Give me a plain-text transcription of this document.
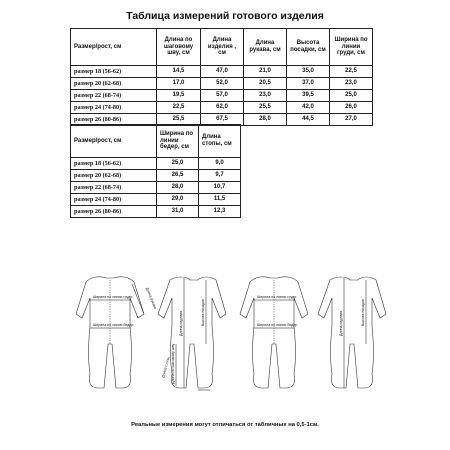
Таблица измерений готового изделия
Размер/рост, см	Длина по шаговому шву, см	Длина изделия , см	Длина рукава, см	Высота посадки, см	Ширина по линии груди, см
размер 18 (56-62)	14,5	47,0	21,0	35,0	22,5
размер 20 (62-68)	17,0	52,0	20,5	37,0	23,0
размер 22 (68-74)	19,5	57,0	23,0	39,5	25,0
размер 24 (74-80)	22,5	62,0	25,5	42,0	26,0
размер 26 (80-86)	25,5	67,5	28,0	44,5	27,0
Размер/рост, см	Ширина по линии бедер, см	Длина стопы, см
размер 18 (56-62)	25,0	9,0
размер 20 (62-68)	26,5	9,7
размер 22 (68-74)	28,0	10,7
размер 24 (74-80)	29,0	11,5
размер 26 (80-86)	31,0	12,3
Ширина по линии груди
Ширина по линии бедер
Длина рукава
Длина изделия
Длина по шаговому шву
Высота посадки
Длина стопы
Ширина по линии груди
Ширина по линии бедер	Длина изделия	Высота посадки
Реальные измерения могут отличаться от табличных на 0,5-1см.
